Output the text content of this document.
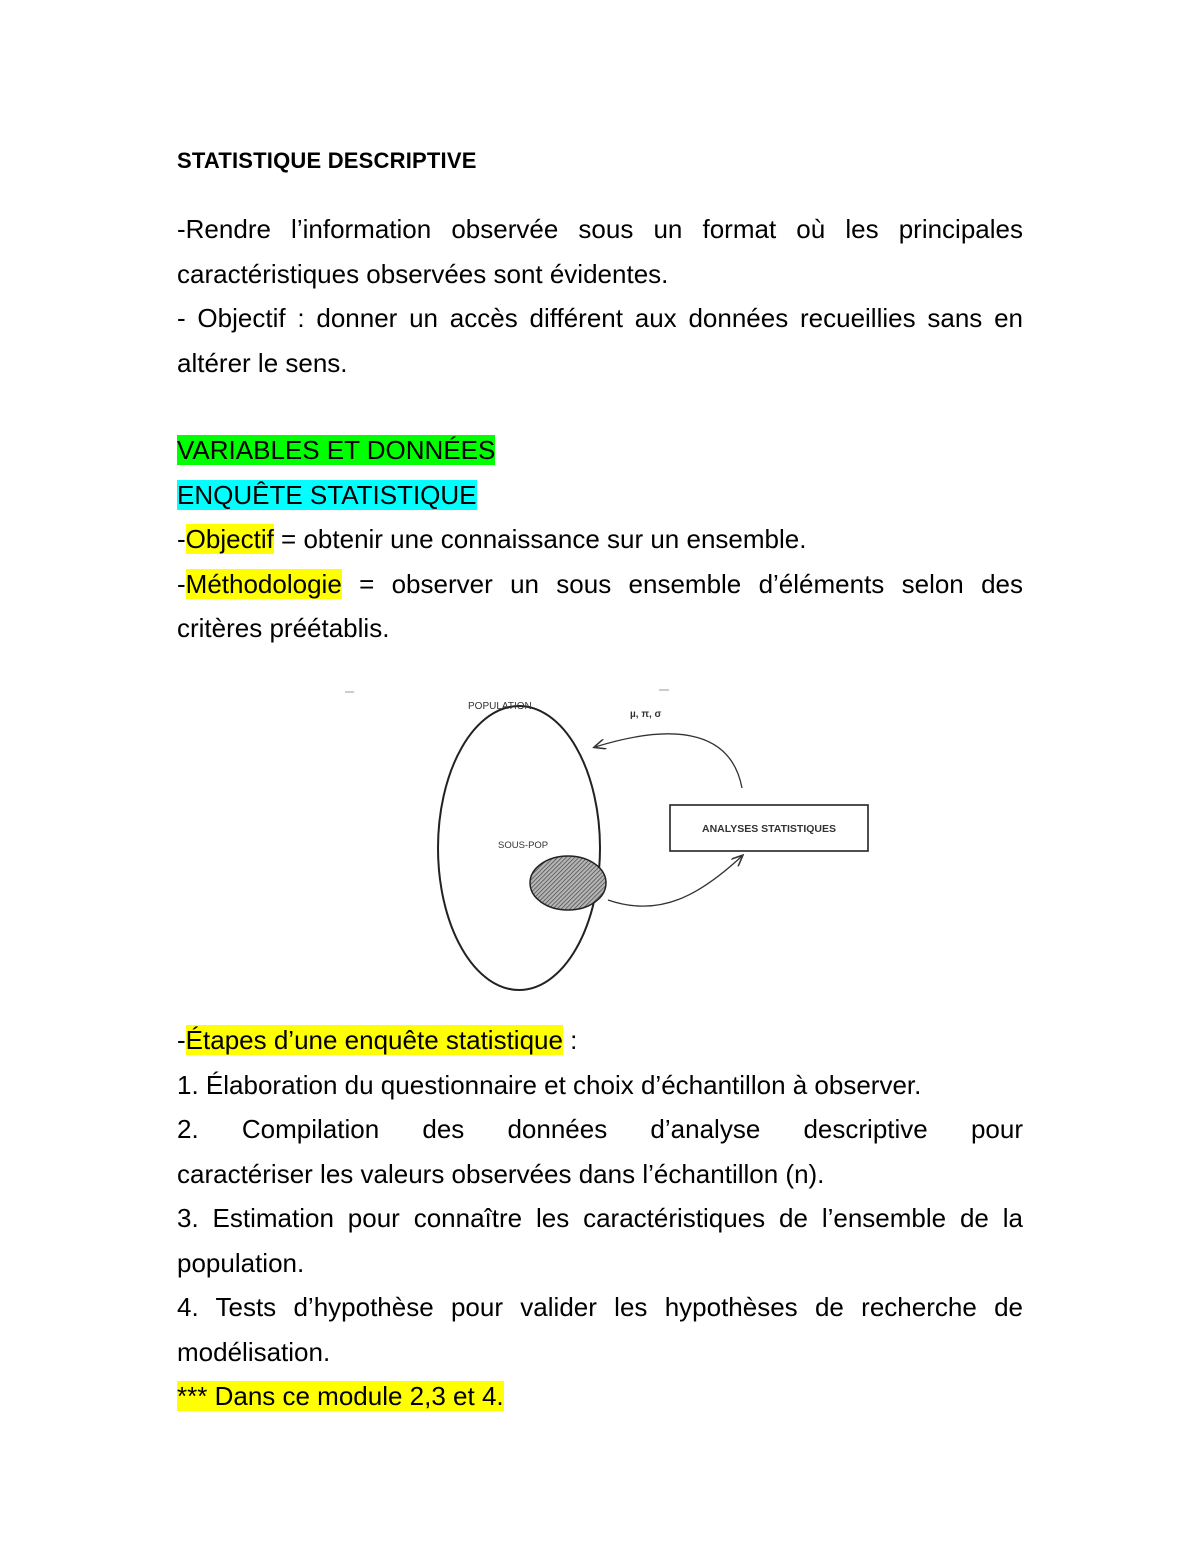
STATISTIQUE DESCRIPTIVE

-Rendre l’information observée sous un format où les principales caractéristiques observées sont évidentes.

- Objectif : donner un accès différent aux données recueillies sans en altérer le sens.

VARIABLES ET DONNÉES

ENQUÊTE STATISTIQUE

-Objectif = obtenir une connaissance sur un ensemble.

-Méthodologie = observer un sous ensemble d’éléments selon des critères préétablis.

POPULATION
µ, π, σ
ANALYSES STATISTIQUES
SOUS-POP

-Étapes d’une enquête statistique :

1. Élaboration du questionnaire et choix d’échantillon à observer.

2. Compilation des données d’analyse descriptive pour

caractériser les valeurs observées dans l’échantillon (n).

3. Estimation pour connaître les caractéristiques de l’ensemble de la population.

4. Tests d’hypothèse pour valider les hypothèses de recherche de modélisation.

*** Dans ce module 2,3 et 4.
